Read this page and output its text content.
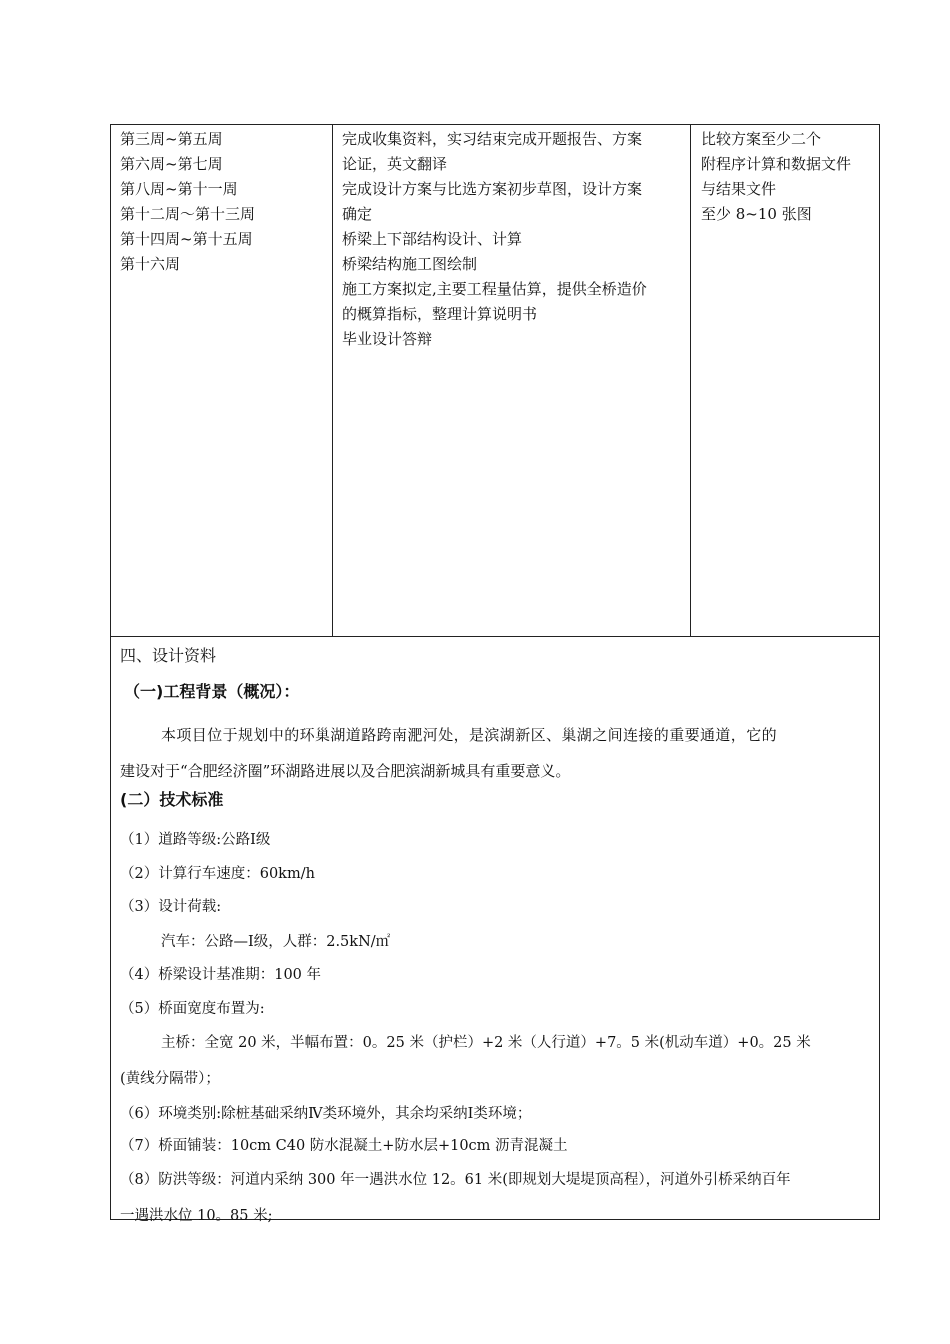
第三周~第五周
第六周~第七周
第八周~第十一周
第十二周～第十三周
第十四周~第十五周
第十六周
完成收集资料，实习结束完成开题报告、方案
论证，英文翻译
完成设计方案与比选方案初步草图，设计方案
确定
桥梁上下部结构设计、计算
桥梁结构施工图绘制
施工方案拟定,主要工程量估算，提供全桥造价
的概算指标，整理计算说明书
毕业设计答辩
比较方案至少二个
附程序计算和数据文件
与结果文件
至少 8~10 张图
四、设计资料
（一)工程背景（概况）：
本项目位于规划中的环巢湖道路跨南淝河处，是滨湖新区、巢湖之间连接的重要通道，它的
建设对于“合肥经济圈”环湖路进展以及合肥滨湖新城具有重要意义。
(二）技术标准
（1）道路等级:公路Ⅰ级
（2）计算行车速度：60km/h
（3）设计荷载:
汽车：公路—Ⅰ级，人群：2.5kN/㎡
（4）桥梁设计基准期：100 年
（5）桥面宽度布置为:
主桥：全宽 20 米，半幅布置：0。25 米（护栏）+2 米（人行道）+7。5 米(机动车道）+0。25 米
(黄线分隔带）；
（6）环境类别:除桩基础采纳Ⅳ类环境外，其余均采纳Ⅰ类环境；
（7）桥面铺装：10cm C40 防水混凝土+防水层+10cm 沥青混凝土
（8）防洪等级：河道内采纳 300 年一遇洪水位 12。61 米(即规划大堤堤顶高程），河道外引桥采纳百年
一遇洪水位 10。85 米;
